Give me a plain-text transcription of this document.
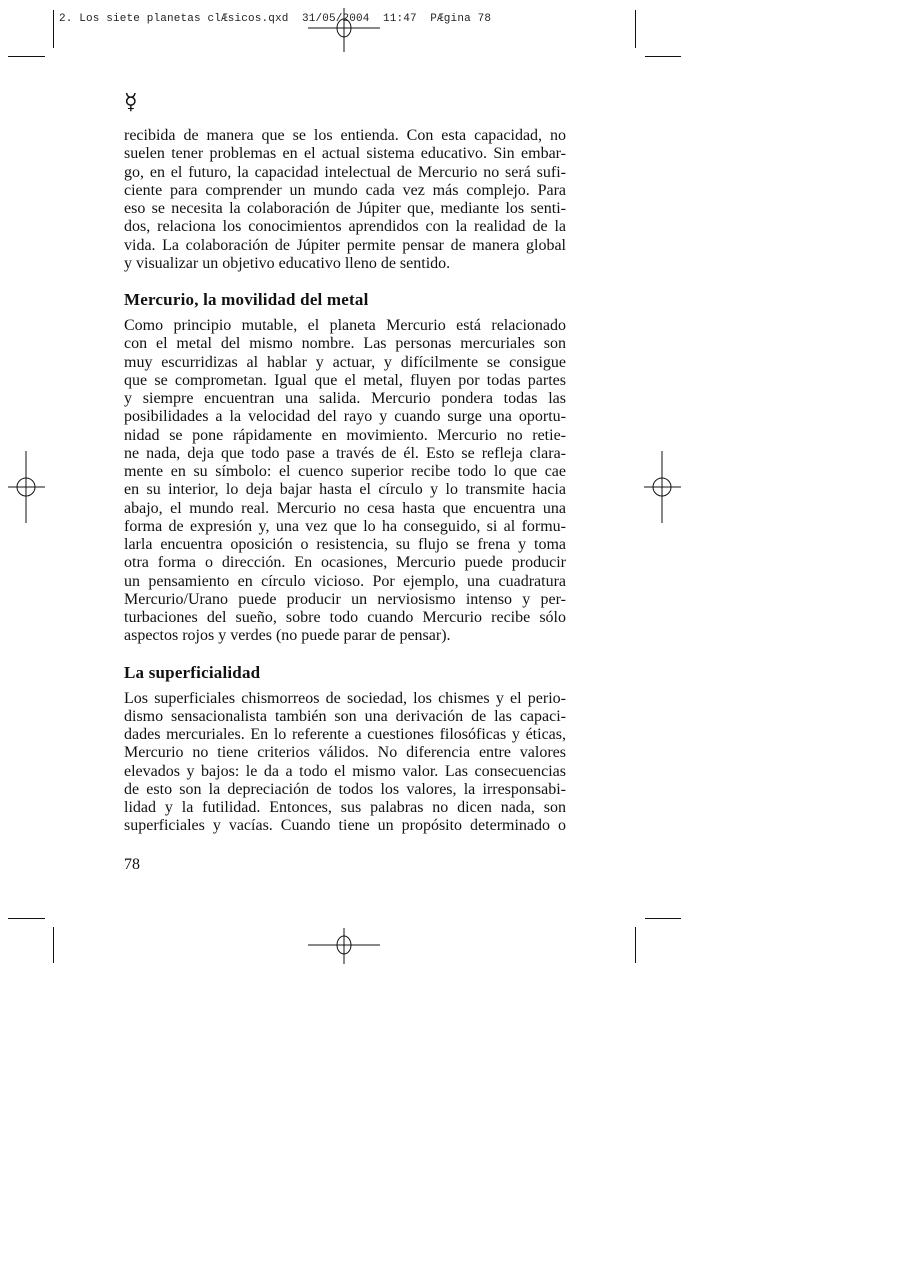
2. Los siete planetas clÆsicos.qxd  31/05/2004  11:47  PÆgina 78
☿

recibida de manera que se los entienda. Con esta capacidad, no
suelen tener problemas en el actual sistema educativo. Sin embar-
go, en el futuro, la capacidad intelectual de Mercurio no será sufi-
ciente para comprender un mundo cada vez más complejo. Para
eso se necesita la colaboración de Júpiter que, mediante los senti-
dos, relaciona los conocimientos aprendidos con la realidad de la
vida. La colaboración de Júpiter permite pensar de manera global
y visualizar un objetivo educativo lleno de sentido.

Mercurio, la movilidad del metal

Como principio mutable, el planeta Mercurio está relacionado
con el metal del mismo nombre. Las personas mercuriales son
muy escurridizas al hablar y actuar, y difícilmente se consigue
que se comprometan. Igual que el metal, fluyen por todas partes
y siempre encuentran una salida. Mercurio pondera todas las
posibilidades a la velocidad del rayo y cuando surge una oportu-
nidad se pone rápidamente en movimiento. Mercurio no retie-
ne nada, deja que todo pase a través de él. Esto se refleja clara-
mente en su símbolo: el cuenco superior recibe todo lo que cae
en su interior, lo deja bajar hasta el círculo y lo transmite hacia
abajo, el mundo real. Mercurio no cesa hasta que encuentra una
forma de expresión y, una vez que lo ha conseguido, si al formu-
larla encuentra oposición o resistencia, su flujo se frena y toma
otra forma o dirección. En ocasiones, Mercurio puede producir
un pensamiento en círculo vicioso. Por ejemplo, una cuadratura
Mercurio/Urano puede producir un nerviosismo intenso y per-
turbaciones del sueño, sobre todo cuando Mercurio recibe sólo
aspectos rojos y verdes (no puede parar de pensar).

La superficialidad

Los superficiales chismorreos de sociedad, los chismes y el perio-
dismo sensacionalista también son una derivación de las capaci-
dades mercuriales. En lo referente a cuestiones filosóficas y éticas,
Mercurio no tiene criterios válidos. No diferencia entre valores
elevados y bajos: le da a todo el mismo valor. Las consecuencias
de esto son la depreciación de todos los valores, la irresponsabi-
lidad y la futilidad. Entonces, sus palabras no dicen nada, son
superficiales y vacías. Cuando tiene un propósito determinado o

78
